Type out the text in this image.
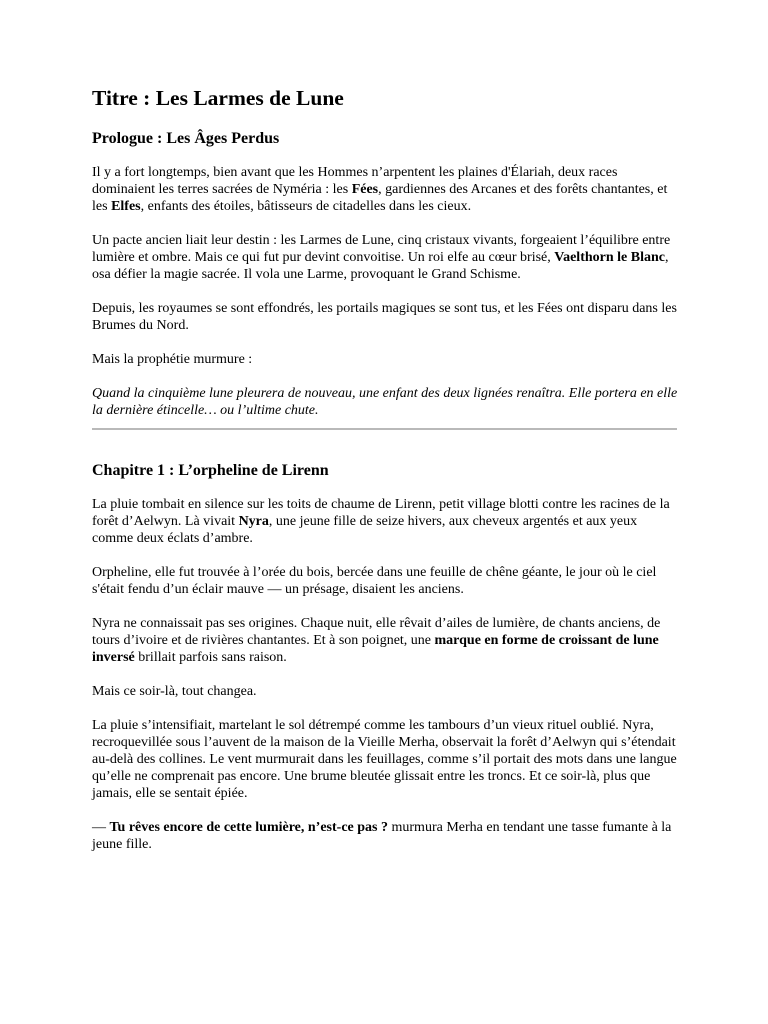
Titre : Les Larmes de Lune
Prologue : Les Âges Perdus

Il y a fort longtemps, bien avant que les Hommes n’arpentent les plaines d'Élariah, deux races dominaient les terres sacrées de Nyméria : les Fées, gardiennes des Arcanes et des forêts chantantes, et les Elfes, enfants des étoiles, bâtisseurs de citadelles dans les cieux.

Un pacte ancien liait leur destin : les Larmes de Lune, cinq cristaux vivants, forgeaient l’équilibre entre lumière et ombre. Mais ce qui fut pur devint convoitise. Un roi elfe au cœur brisé, Vaelthorn le Blanc, osa défier la magie sacrée. Il vola une Larme, provoquant le Grand Schisme.

Depuis, les royaumes se sont effondrés, les portails magiques se sont tus, et les Fées ont disparu dans les Brumes du Nord.

Mais la prophétie murmure :

Quand la cinquième lune pleurera de nouveau, une enfant des deux lignées renaîtra. Elle portera en elle la dernière étincelle… ou l’ultime chute.

Chapitre 1 : L’orpheline de Lirenn

La pluie tombait en silence sur les toits de chaume de Lirenn, petit village blotti contre les racines de la forêt d’Aelwyn. Là vivait Nyra, une jeune fille de seize hivers, aux cheveux argentés et aux yeux comme deux éclats d’ambre.

Orpheline, elle fut trouvée à l’orée du bois, bercée dans une feuille de chêne géante, le jour où le ciel s'était fendu d’un éclair mauve — un présage, disaient les anciens.

Nyra ne connaissait pas ses origines. Chaque nuit, elle rêvait d’ailes de lumière, de chants anciens, de tours d’ivoire et de rivières chantantes. Et à son poignet, une marque en forme de croissant de lune inversé brillait parfois sans raison.

Mais ce soir-là, tout changea.

La pluie s’intensifiait, martelant le sol détrempé comme les tambours d’un vieux rituel oublié. Nyra, recroquevillée sous l’auvent de la maison de la Vieille Merha, observait la forêt d’Aelwyn qui s’étendait au-delà des collines. Le vent murmurait dans les feuillages, comme s’il portait des mots dans une langue qu’elle ne comprenait pas encore. Une brume bleutée glissait entre les troncs. Et ce soir-là, plus que jamais, elle se sentait épiée.

— Tu rêves encore de cette lumière, n’est-ce pas ? murmura Merha en tendant une tasse fumante à la jeune fille.
